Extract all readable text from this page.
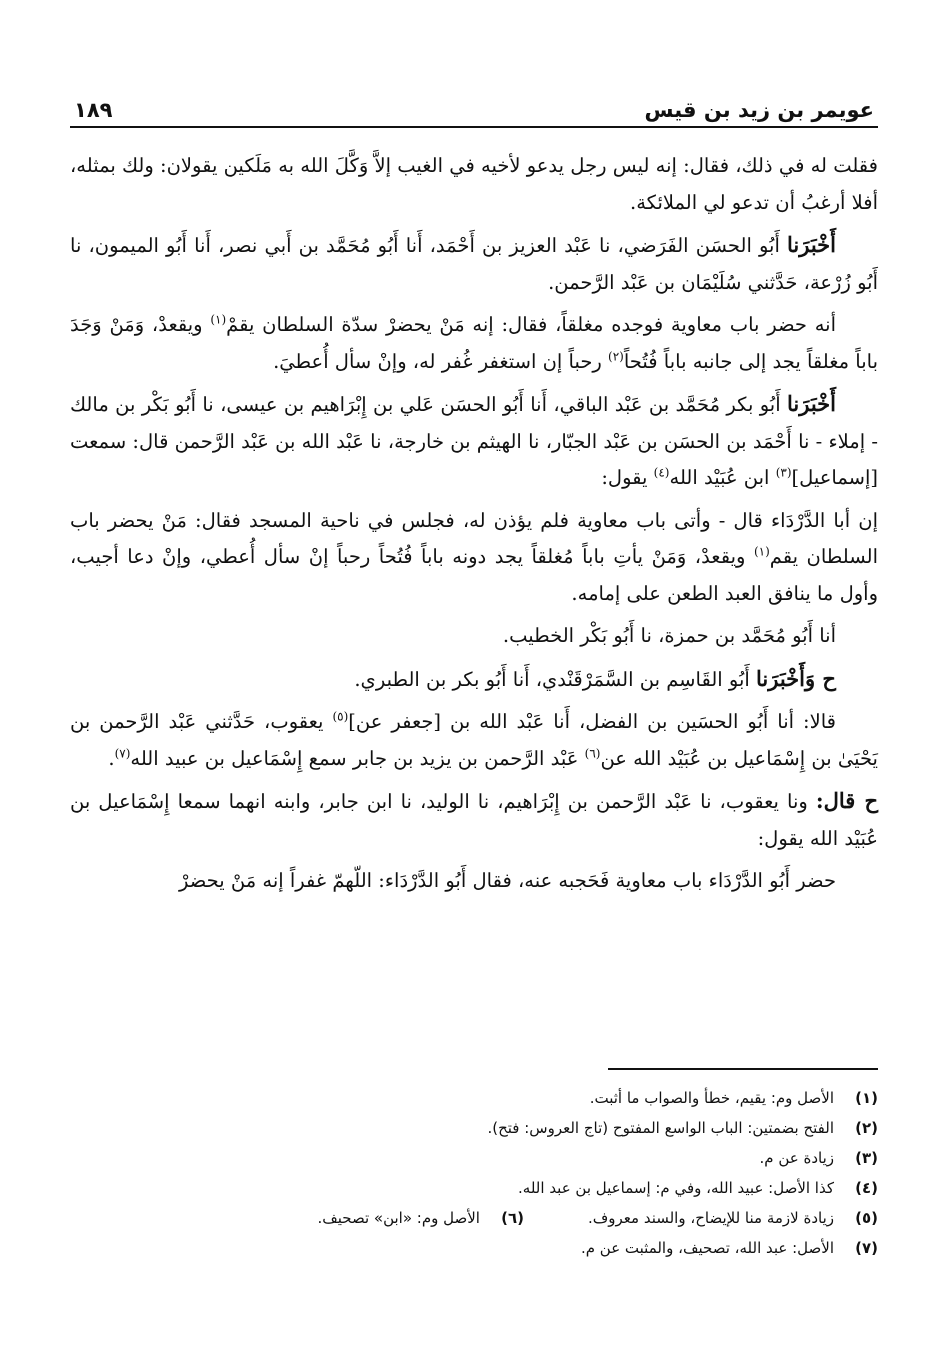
عويمر بن زيد بن قيس
١٨٩

فقلت له في ذلك، فقال: إنه ليس رجل يدعو لأخيه في الغيب إلاَّ وَكَّلَ الله به مَلَكين يقولان: ولك بمثله، أفلا أرغبُ أن تدعو لي الملائكة.

أَخْبَرَنا أَبُو الحسَن الفَرَضي، نا عَبْد العزيز بن أَحْمَد، أَنا أَبُو مُحَمَّد بن أَبي نصر، أَنا أَبُو الميمون، نا أَبُو زُرْعة، حَدَّثني سُلَيْمَان بن عَبْد الرَّحمن.

أنه حضر باب معاوية فوجده مغلقاً، فقال: إنه مَنْ يحضرْ سدّة السلطان يقمْ$^{(١)}$ ويقعدْ، وَمَنْ وَجَدَ باباً مغلقاً يجد إلى جانبه باباً فُتُحاً$^{(٢)}$ رحباً إن استغفر غُفر له، وإنْ سأل أُعطيَ.

أَخْبَرَنا أَبُو بكر مُحَمَّد بن عَبْد الباقي، أَنا أَبُو الحسَن عَلي بن إِبْرَاهيم بن عيسى، نا أَبُو بَكْر بن مالك - إملاء - نا أَحْمَد بن الحسَن بن عَبْد الجبّار، نا الهيثم بن خارجة، نا عَبْد الله بن عَبْد الرَّحمن قال: سمعت [إسماعيل]$^{(٣)}$ ابن عُبَيْد الله$^{(٤)}$ يقول:

إن أبا الدَّرْدَاء قال - وأتى باب معاوية فلم يؤذن له، فجلس في ناحية المسجد فقال: مَنْ يحضر باب السلطان يقم$^{(١)}$ ويقعدْ، وَمَنْ يأتِ باباً مُغلقاً يجد دونه باباً فُتُحاً رحباً إنْ سأل أُعطي، وإنْ دعا أجيب، وأول ما ينافق العبد الطعن على إمامه.

أنا أَبُو مُحَمَّد بن حمزة، نا أَبُو بَكْر الخطيب.

ح وَأَخْبَرَنا أَبُو القَاسِم بن السَّمَرْقَنْدي، أَنا أَبُو بكر بن الطبري.

قالا: أنا أَبُو الحسَين بن الفضل، أَنا عَبْد الله بن [جعفر عن]$^{(٥)}$ يعقوب، حَدَّثني عَبْد الرَّحمن بن يَحْيَىٰ بن إِسْمَاعيل بن عُبَيْد الله عن$^{(٦)}$ عَبْد الرَّحمن بن يزيد بن جابر سمع إِسْمَاعيل بن عبيد الله$^{(٧)}$.

ح قال: ونا يعقوب، نا عَبْد الرَّحمن بن إِبْرَاهيم، نا الوليد، نا ابن جابر، وابنه انهما سمعا إِسْمَاعيل بن عُبَيْد الله يقول:

حضر أَبُو الدَّرْدَاء باب معاوية فَحَجبه عنه، فقال أَبُو الدَّرْدَاء: اللّهمّ غفراً إنه مَنْ يحضرْ

(١)
الأصل وم: يقيم، خطأ والصواب ما أثبت.
(٢)
الفتح بضمتين: الباب الواسع المفتوح (تاج العروس: فتح).
(٣)
زيادة عن م.
(٤)
كذا الأصل: عبيد الله، وفي م: إسماعيل بن عبد الله.
(٥)
زيادة لازمة منا للإيضاح، والسند معروف.
(٦)
الأصل وم: «ابن» تصحيف.
(٧)
الأصل: عبد الله، تصحيف، والمثبت عن م.
